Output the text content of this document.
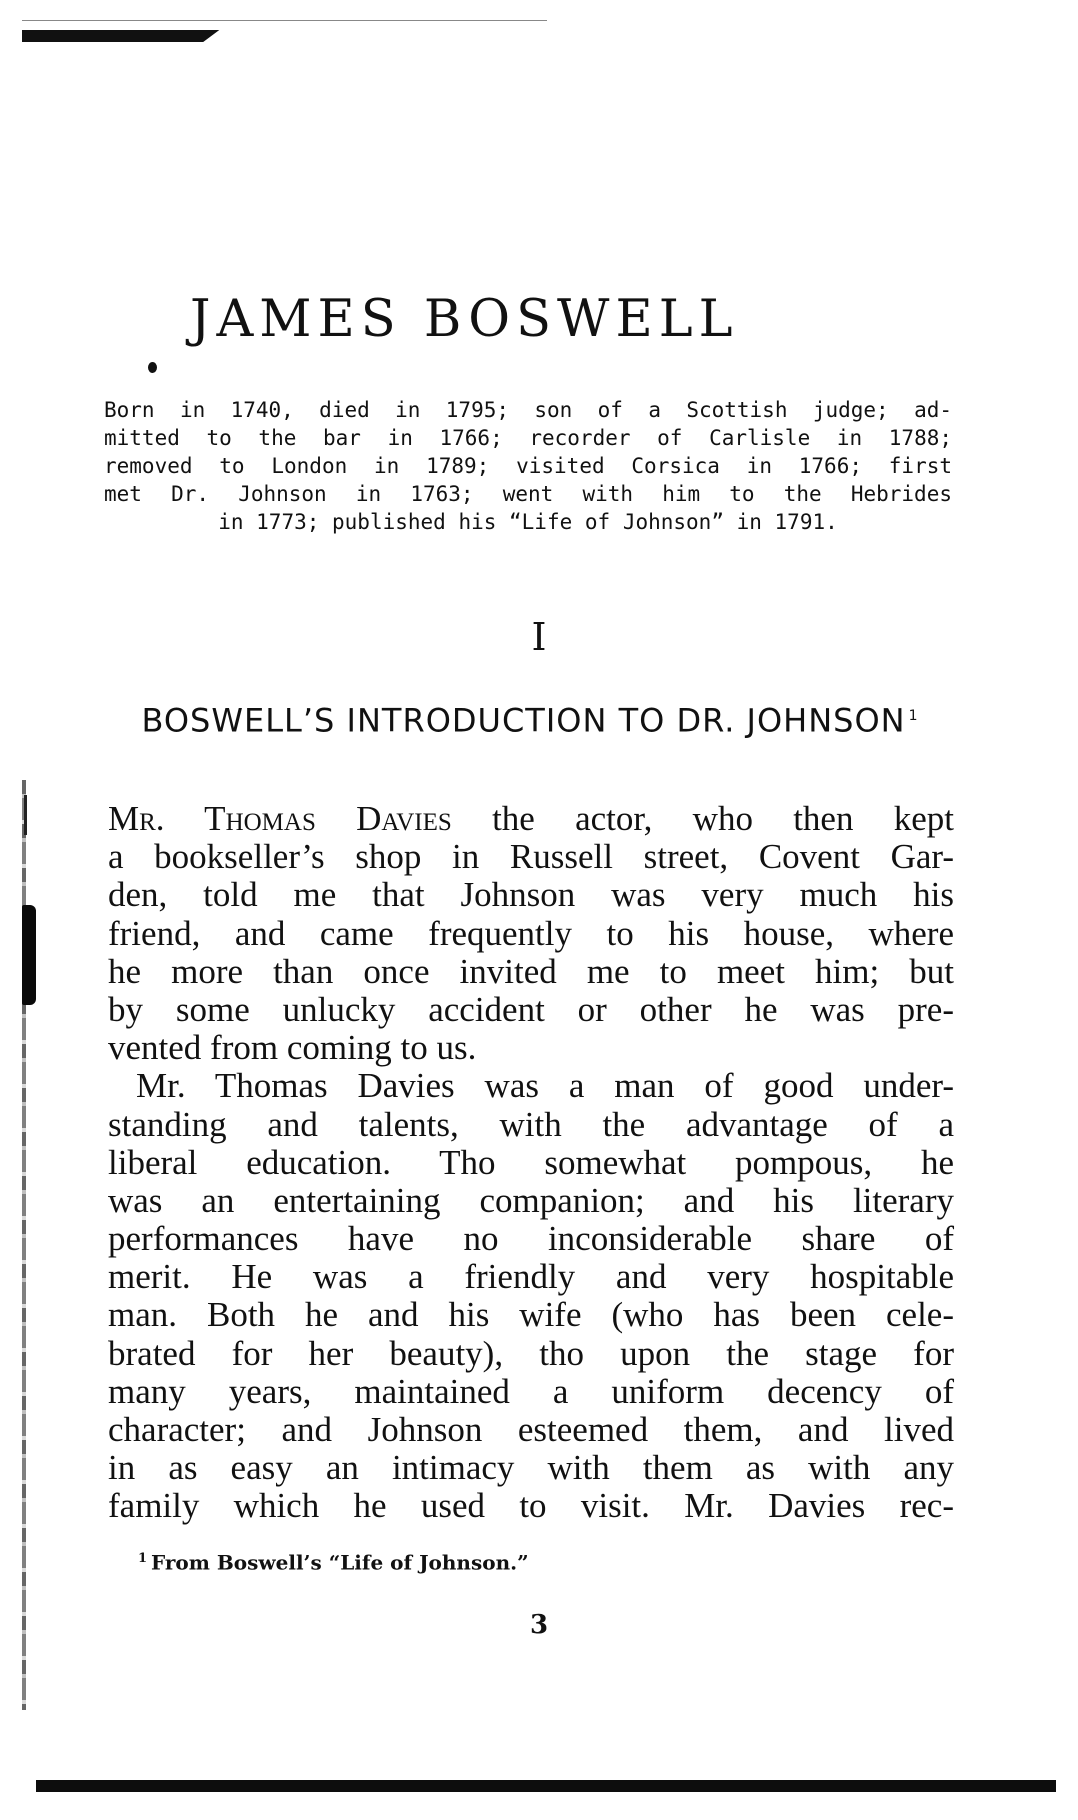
JAMES BOSWELL
Born in 1740, died in 1795; son of a Scottish judge; ad-
mitted to the bar in 1766; recorder of Carlisle in 1788;
removed to London in 1789; visited Corsica in 1766; first
met Dr. Johnson in 1763; went with him to the Hebrides
in 1773; published his “Life of Johnson” in 1791.
I
BOSWELL’S INTRODUCTION TO DR. JOHNSON $^1$
Mr. Thomas Davies the actor, who then kept
a bookseller’s shop in Russell street, Covent Gar-
den, told me that Johnson was very much his
friend, and came frequently to his house, where
he more than once invited me to meet him; but
by some unlucky accident or other he was pre-
vented from coming to us.
Mr. Thomas Davies was a man of good under-
standing and talents, with the advantage of a
liberal education. Tho somewhat pompous, he
was an entertaining companion; and his literary
performances have no inconsiderable share of
merit. He was a friendly and very hospitable
man. Both he and his wife (who has been cele-
brated for her beauty), tho upon the stage for
many years, maintained a uniform decency of
character; and Johnson esteemed them, and lived
in as easy an intimacy with them as with any
family which he used to visit. Mr. Davies rec-
$^1$ From Boswell’s “Life of Johnson.”
3
